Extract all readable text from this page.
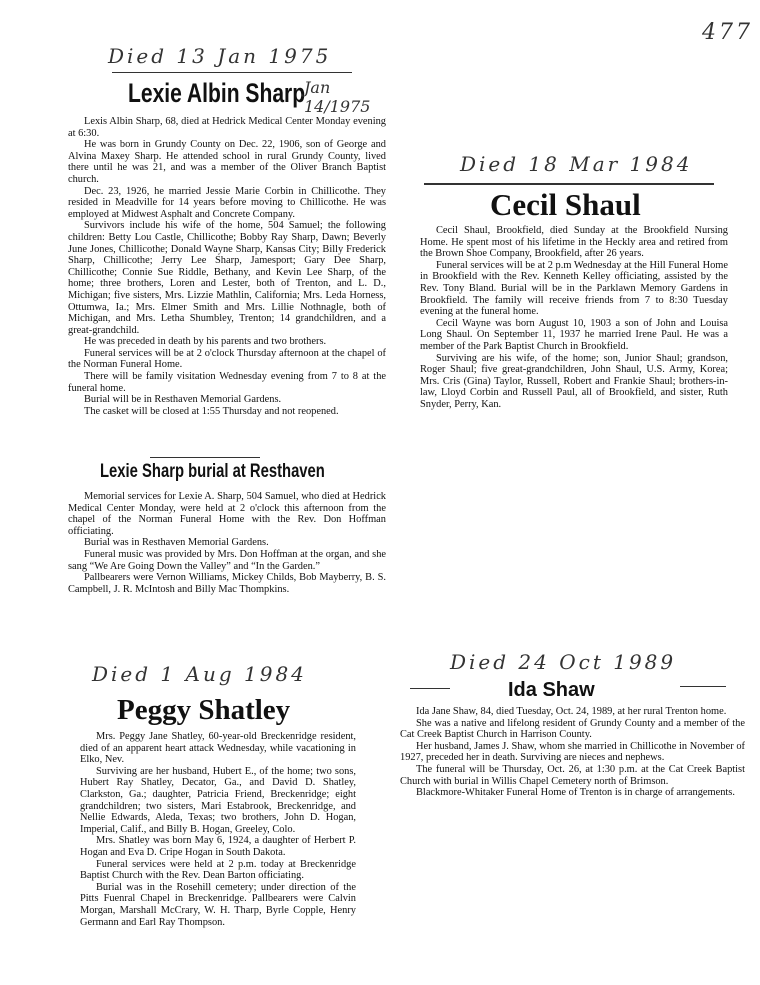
477
Died 13 Jan 1975
Lexie Albin Sharp
Jan 14/1975

Lexis Albin Sharp, 68, died at Hedrick Medical Center Monday evening at 6:30.

He was born in Grundy County on Dec. 22, 1906, son of George and Alvina Maxey Sharp. He attended school in rural Grundy County, lived there until he was 21, and was a member of the Oliver Branch Baptist church.

Dec. 23, 1926, he married Jessie Marie Corbin in Chillicothe. They resided in Meadville for 14 years before moving to Chillicothe. He was employed at Midwest Asphalt and Concrete Company.

Survivors include his wife of the home, 504 Samuel; the following children: Betty Lou Castle, Chillicothe; Bobby Ray Sharp, Dawn; Beverly June Jones, Chillicothe; Donald Wayne Sharp, Kansas City; Billy Frederick Sharp, Chillicothe; Jerry Lee Sharp, Jamesport; Gary Dee Sharp, Chillicothe; Connie Sue Riddle, Bethany, and Kevin Lee Sharp, of the home; three brothers, Loren and Lester, both of Trenton, and L. D., Michigan; five sisters, Mrs. Lizzie Mathlin, California; Mrs. Leda Horness, Ottumwa, Ia.; Mrs. Elmer Smith and Mrs. Lillie Nothnagle, both of Michigan, and Mrs. Letha Shumbley, Trenton; 14 grandchildren, and a great-grandchild.

He was preceded in death by his parents and two brothers.

Funeral services will be at 2 o'clock Thursday afternoon at the chapel of the Norman Funeral Home.

There will be family visitation Wednesday evening from 7 to 8 at the funeral home.

Burial will be in Resthaven Memorial Gardens.

The casket will be closed at 1:55 Thursday and not reopened.

Lexie Sharp burial at Resthaven

Memorial services for Lexie A. Sharp, 504 Samuel, who died at Hedrick Medical Center Monday, were held at 2 o'clock this afternoon from the chapel of the Norman Funeral Home with the Rev. Don Hoffman officiating.

Burial was in Resthaven Memorial Gardens.

Funeral music was provided by Mrs. Don Hoffman at the organ, and she sang “We Are Going Down the Valley” and “In the Garden.”

Pallbearers were Vernon Williams, Mickey Childs, Bob Mayberry, B. S. Campbell, J. R. McIntosh and Billy Mac Thompkins.

Died 18 Mar 1984
Cecil Shaul

Cecil Shaul, Brookfield, died Sunday at the Brookfield Nursing Home. He spent most of his lifetime in the Heckly area and retired from the Brown Shoe Company, Brookfield, after 26 years.

Funeral services will be at 2 p.m Wednesday at the Hill Funeral Home in Brookfield with the Rev. Kenneth Kelley officiating, assisted by the Rev. Tony Bland. Burial will be in the Parklawn Memory Gardens in Brookfield. The family will receive friends from 7 to 8:30 Tuesday evening at the funeral home.

Cecil Wayne was born August 10, 1903 a son of John and Louisa Long Shaul. On September 11, 1937 he married Irene Paul. He was a member of the Park Baptist Church in Brookfield.

Surviving are his wife, of the home; son, Junior Shaul; grandson, Roger Shaul; five great-grandchildren, John Shaul, U.S. Army, Korea; Mrs. Cris (Gina) Taylor, Russell, Robert and Frankie Shaul; brothers-in-law, Lloyd Corbin and Russell Paul, all of Brookfield, and sister, Ruth Snyder, Perry, Kan.

Died 1 Aug 1984
Peggy Shatley

Mrs. Peggy Jane Shatley, 60-year-old Breckenridge resident, died of an apparent heart attack Wednesday, while vacationing in Elko, Nev.

Surviving are her husband, Hubert E., of the home; two sons, Hubert Ray Shatley, Decator, Ga., and David D. Shatley, Clarkston, Ga.; daughter, Patricia Friend, Breckenridge; eight grandchildren; two sisters, Mari Estabrook, Breckenridge, and Nellie Edwards, Aleda, Texas; two brothers, John D. Hogan, Imperial, Calif., and Billy B. Hogan, Greeley, Colo.

Mrs. Shatley was born May 6, 1924, a daughter of Herbert P. Hogan and Eva D. Cripe Hogan in South Dakota.

Funeral services were held at 2 p.m. today at Breckenridge Baptist Church with the Rev. Dean Barton officiating.

Burial was in the Rosehill cemetery; under direction of the Pitts Fuenral Chapel in Breckenridge. Pallbearers were Calvin Morgan, Marshall McCrary, W. H. Tharp, Byrle Copple, Henry Germann and Earl Ray Thompson.

Died 24 Oct 1989
Ida Shaw

Ida Jane Shaw, 84, died Tuesday, Oct. 24, 1989, at her rural Trenton home.

She was a native and lifelong resident of Grundy County and a member of the Cat Creek Baptist Church in Harrison County.

Her husband, James J. Shaw, whom she married in Chillicothe in November of 1927, preceded her in death. Surviving are nieces and nephews.

The funeral will be Thursday, Oct. 26, at 1:30 p.m. at the Cat Creek Baptist Church with burial in Willis Chapel Cemetery north of Brimson.

Blackmore-Whitaker Funeral Home of Trenton is in charge of arrangements.
